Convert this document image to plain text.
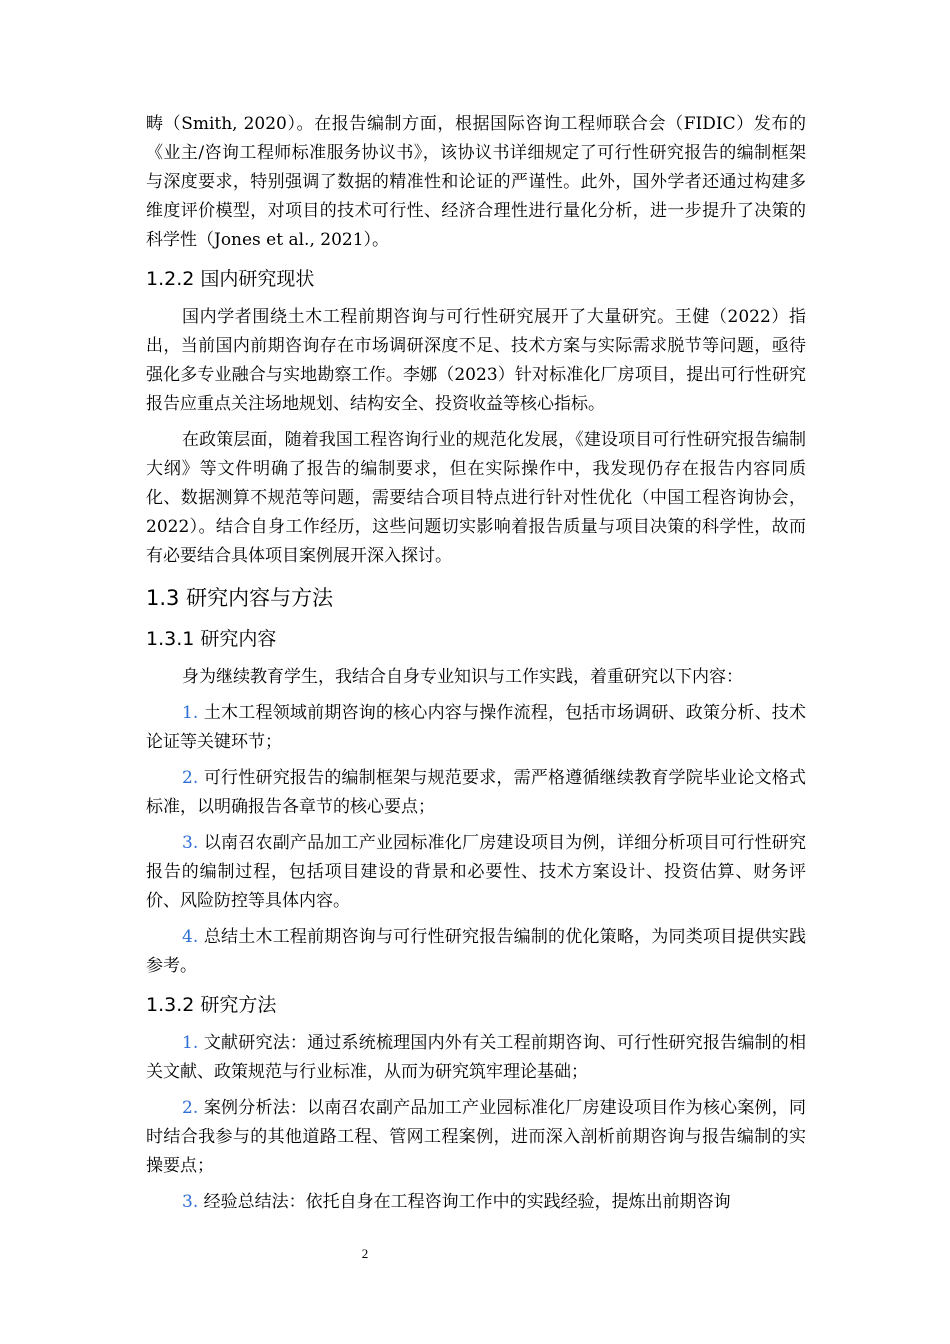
畴（Smith, 2020）。在报告编制方面，根据国际咨询工程师联合会（FIDIC）发布的《业主/咨询工程师标准服务协议书》，该协议书详细规定了可行性研究报告的编制框架与深度要求，特别强调了数据的精准性和论证的严谨性。此外，国外学者还通过构建多维度评价模型，对项目的技术可行性、经济合理性进行量化分析，进一步提升了决策的科学性（Jones et al., 2021）。

1.2.2 国内研究现状

国内学者围绕土木工程前期咨询与可行性研究展开了大量研究。王健（2022）指出，当前国内前期咨询存在市场调研深度不足、技术方案与实际需求脱节等问题，亟待强化多专业融合与实地勘察工作。李娜（2023）针对标准化厂房项目，提出可行性研究报告应重点关注场地规划、结构安全、投资收益等核心指标。

在政策层面，随着我国工程咨询行业的规范化发展，《建设项目可行性研究报告编制大纲》等文件明确了报告的编制要求，但在实际操作中，我发现仍存在报告内容同质化、数据测算不规范等问题，需要结合项目特点进行针对性优化（中国工程咨询协会， 2022）。结合自身工作经历，这些问题切实影响着报告质量与项目决策的科学性，故而有必要结合具体项目案例展开深入探讨。

1.3 研究内容与方法
1.3.1 研究内容

身为继续教育学生，我结合自身专业知识与工作实践，着重研究以下内容：

1. 土木工程领域前期咨询的核心内容与操作流程，包括市场调研、政策分析、技术论证等关键环节；

2. 可行性研究报告的编制框架与规范要求，需严格遵循继续教育学院毕业论文格式标准，以明确报告各章节的核心要点；

3. 以南召农副产品加工产业园标准化厂房建设项目为例，详细分析项目可行性研究报告的编制过程，包括项目建设的背景和必要性、技术方案设计、投资估算、财务评价、风险防控等具体内容。

4. 总结土木工程前期咨询与可行性研究报告编制的优化策略，为同类项目提供实践参考。

1.3.2 研究方法

1. 文献研究法：通过系统梳理国内外有关工程前期咨询、可行性研究报告编制的相关文献、政策规范与行业标准，从而为研究筑牢理论基础；

2. 案例分析法：以南召农副产品加工产业园标准化厂房建设项目作为核心案例，同时结合我参与的其他道路工程、管网工程案例，进而深入剖析前期咨询与报告编制的实操要点；

3. 经验总结法：依托自身在工程咨询工作中的实践经验，提炼出前期咨询

2
